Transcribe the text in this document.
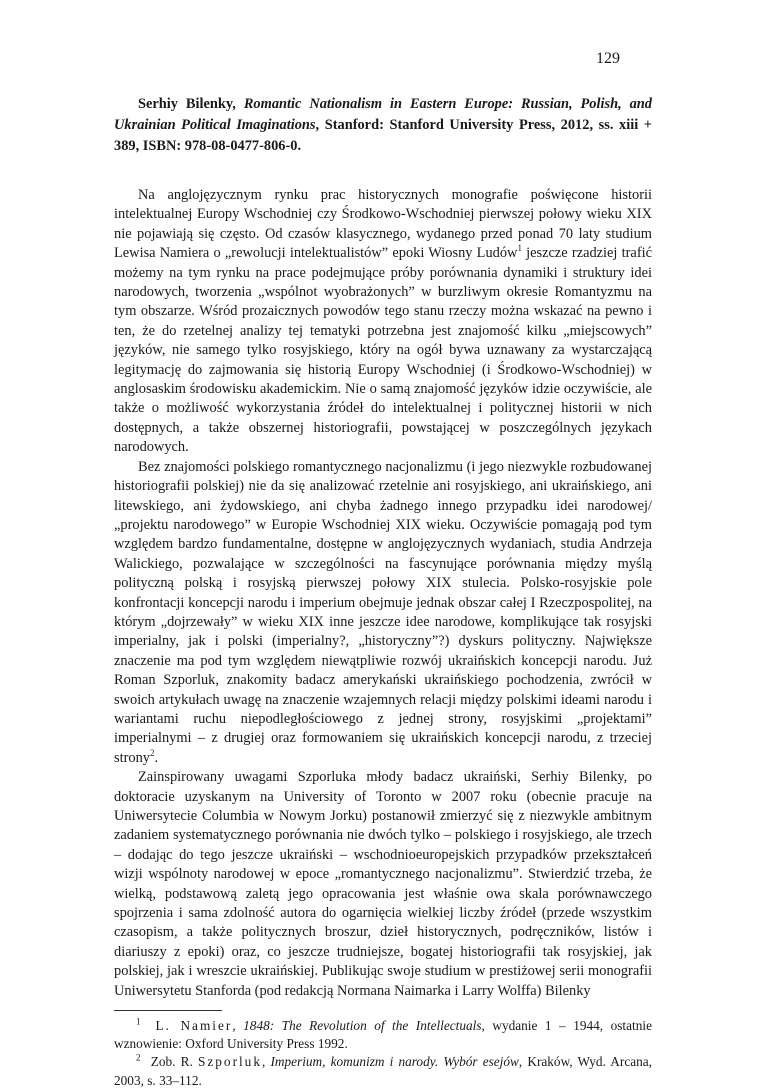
129

Serhiy Bilenky, Romantic Nationalism in Eastern Europe: Russian, Polish, and Ukrainian Political Imaginations, Stanford: Stanford University Press, 2012, ss. xiii + 389, ISBN: 978-08-0477-806-0.

Na anglojęzycznym rynku prac historycznych monografie poświęcone historii intelektualnej Europy Wschodniej czy Środkowo-Wschodniej pierwszej połowy wieku XIX nie pojawiają się często. Od czasów klasycznego, wydanego przed ponad 70 laty studium Lewisa Namiera o „rewolucji intelektualistów” epoki Wiosny Ludów$^1$ jeszcze rzadziej trafić możemy na tym rynku na prace podejmujące próby porównania dynamiki i struktury idei narodowych, tworzenia „wspólnot wyobrażonych” w burzliwym okresie Romantyzmu na tym obszarze. Wśród prozaicznych powodów tego stanu rzeczy można wskazać na pewno i ten, że do rzetelnej analizy tej tematyki potrzebna jest znajomość kilku „miejscowych” języków, nie samego tylko rosyjskiego, który na ogół bywa uznawany za wystarczającą legitymację do zajmowania się historią Europy Wschodniej (i Środkowo-Wschodniej) w anglosaskim środowisku akademickim. Nie o samą znajomość języków idzie oczywiście, ale także o możliwość wykorzystania źródeł do intelektualnej i politycznej historii w nich dostępnych, a także obszernej historiografii, powstającej w poszczególnych językach narodowych.

Bez znajomości polskiego romantycznego nacjonalizmu (i jego niezwykle rozbudowanej historiografii polskiej) nie da się analizować rzetelnie ani rosyjskiego, ani ukraińskiego, ani litewskiego, ani żydowskiego, ani chyba żadnego innego przypadku idei narodowej/„projektu narodowego” w Europie Wschodniej XIX wieku. Oczywiście pomagają pod tym względem bardzo fundamentalne, dostępne w anglojęzycznych wydaniach, studia Andrzeja Walickiego, pozwalające w szczególności na fascynujące porównania między myślą polityczną polską i rosyjską pierwszej połowy XIX stulecia. Polsko-rosyjskie pole konfrontacji koncepcji narodu i imperium obejmuje jednak obszar całej I Rzeczpospolitej, na którym „dojrzewały” w wieku XIX inne jeszcze idee narodowe, komplikujące tak rosyjski imperialny, jak i polski (imperialny?, „historyczny”?) dyskurs polityczny. Największe znaczenie ma pod tym względem niewątpliwie rozwój ukraińskich koncepcji narodu. Już Roman Szporluk, znakomity badacz amerykański ukraińskiego pochodzenia, zwrócił w swoich artykułach uwagę na znaczenie wzajemnych relacji między polskimi ideami narodu i wariantami ruchu niepodległościowego z jednej strony, rosyjskimi „projektami” imperialnymi – z drugiej oraz formowaniem się ukraińskich koncepcji narodu, z trzeciej strony$^2$.

Zainspirowany uwagami Szporluka młody badacz ukraiński, Serhiy Bilenky, po doktoracie uzyskanym na University of Toronto w 2007 roku (obecnie pracuje na Uniwersytecie Columbia w Nowym Jorku) postanowił zmierzyć się z niezwykle ambitnym zadaniem systematycznego porównania nie dwóch tylko – polskiego i rosyjskiego, ale trzech – dodając do tego jeszcze ukraiński – wschodnioeuropejskich przypadków przekształceń wizji wspólnoty narodowej w epoce „romantycznego nacjonalizmu”. Stwierdzić trzeba, że wielką, podstawową zaletą jego opracowania jest właśnie owa skala porównawczego spojrzenia i sama zdolność autora do ogarnięcia wielkiej liczby źródeł (przede wszystkim czasopism, a także politycznych broszur, dzieł historycznych, podręczników, listów i diariuszy z epoki) oraz, co jeszcze trudniejsze, bogatej historiografii tak rosyjskiej, jak polskiej, jak i wreszcie ukraińskiej. Publikując swoje studium w prestiżowej serii monografii Uniwersytetu Stanforda (pod redakcją Normana Naimarka i Larry Wolffa) Bilenky

$^1$ L. Namier, 1848: The Revolution of the Intellectuals, wydanie 1 – 1944, ostatnie wznowienie: Oxford University Press 1992.

$^2$ Zob. R. Szporluk, Imperium, komunizm i narody. Wybór esejów, Kraków, Wyd. Arcana, 2003, s. 33–112.
